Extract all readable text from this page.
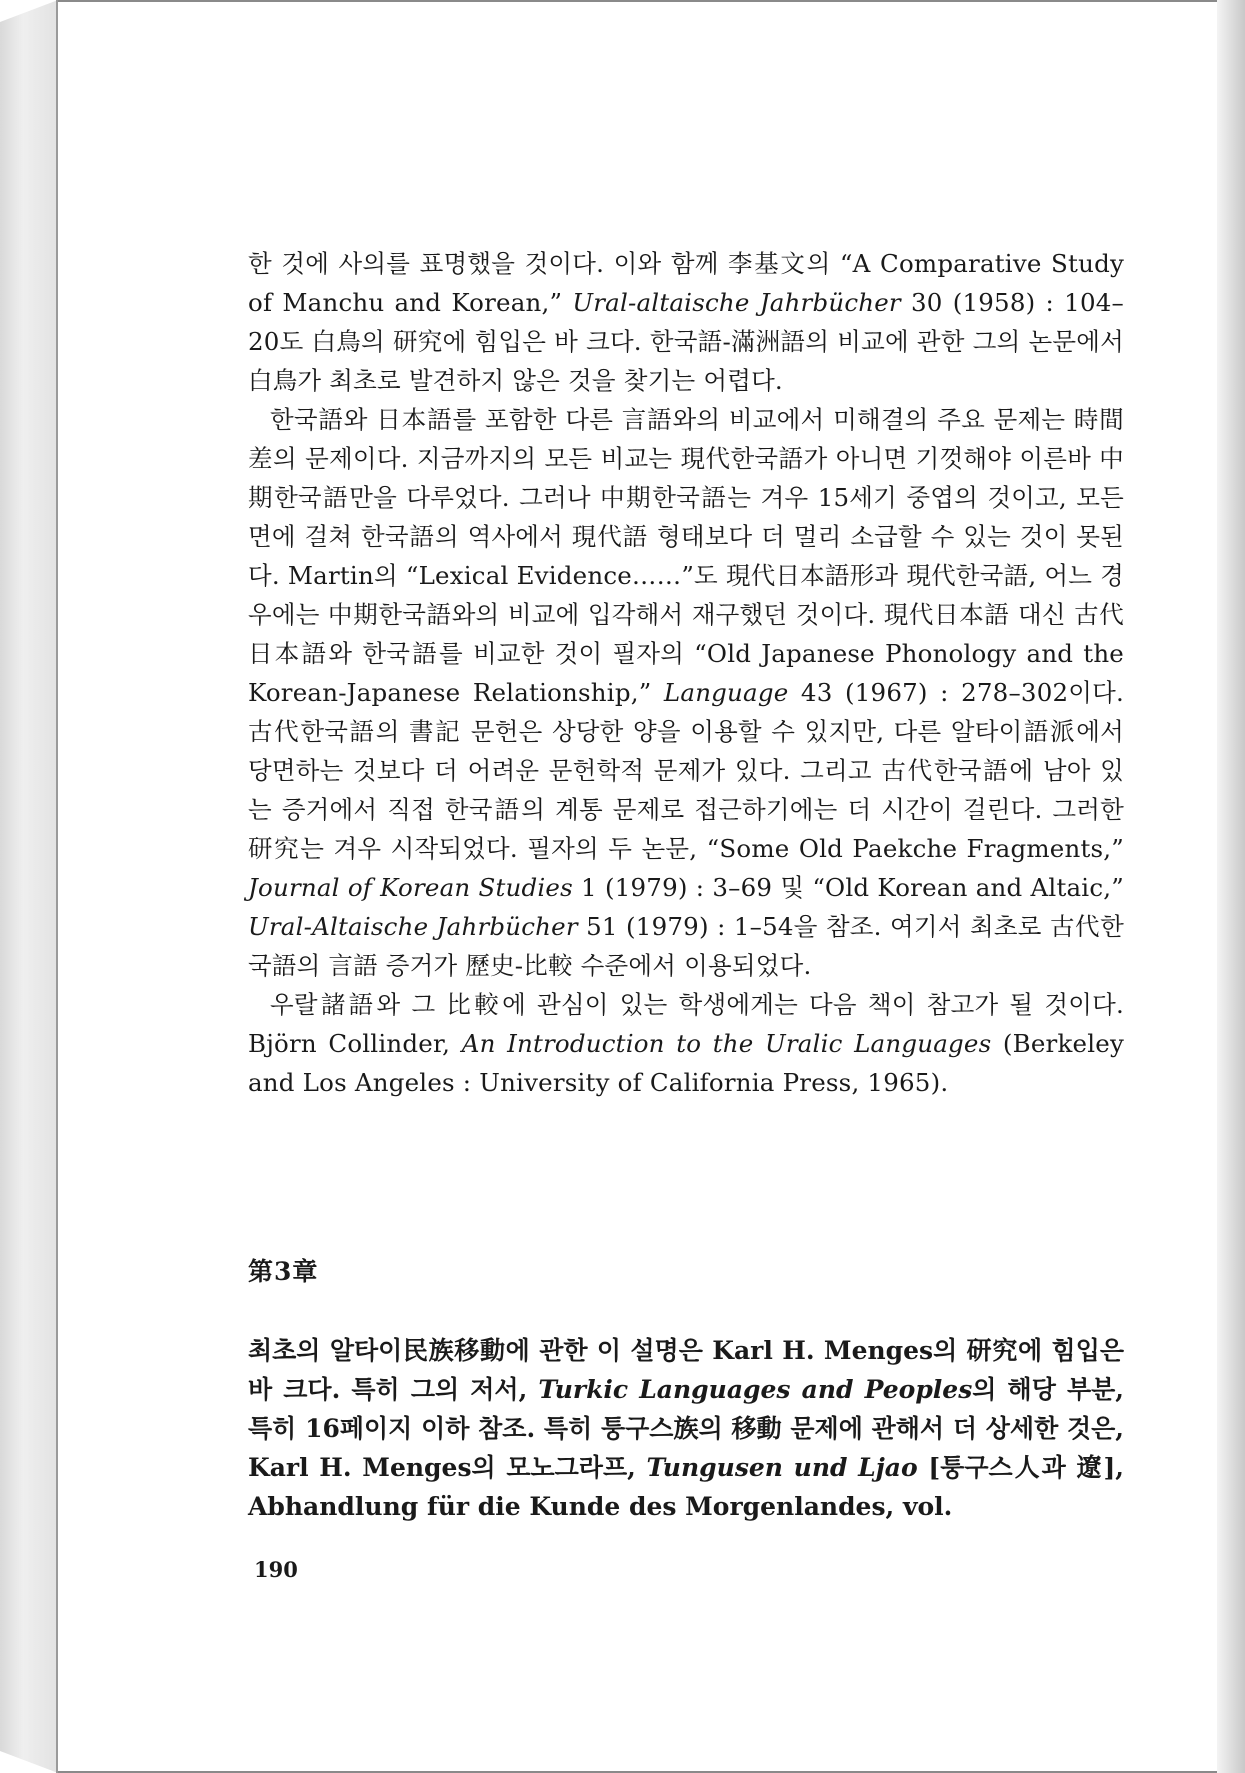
한 것에 사의를 표명했을 것이다. 이와 함께 李基文의 “A Comparative Study of Manchu and Korean,” Ural-altaische Jahrbücher 30 (1958) : 104–20도 白鳥의 研究에 힘입은 바 크다. 한국語-滿洲語의 비교에 관한 그의 논문에서 白鳥가 최초로 발견하지 않은 것을 찾기는 어렵다.

한국語와 日本語를 포함한 다른 言語와의 비교에서 미해결의 주요 문제는 時間差의 문제이다. 지금까지의 모든 비교는 現代한국語가 아니면 기껏해야 이른바 中期한국語만을 다루었다. 그러나 中期한국語는 겨우 15세기 중엽의 것이고, 모든 면에 걸쳐 한국語의 역사에서 現代語 형태보다 더 멀리 소급할 수 있는 것이 못된다. Martin의 “Lexical Evidence……”도 現代日本語形과 現代한국語, 어느 경우에는 中期한국語와의 비교에 입각해서 재구했던 것이다. 現代日本語 대신 古代日本語와 한국語를 비교한 것이 필자의 “Old Japanese Phonology and the Korean-Japanese Relationship,” Language 43 (1967) : 278–302이다. 古代한국語의 書記 문헌은 상당한 양을 이용할 수 있지만, 다른 알타이語派에서 당면하는 것보다 더 어려운 문헌학적 문제가 있다. 그리고 古代한국語에 남아 있는 증거에서 직접 한국語의 계통 문제로 접근하기에는 더 시간이 걸린다. 그러한 研究는 겨우 시작되었다. 필자의 두 논문, “Some Old Paekche Fragments,” Journal of Korean Studies 1 (1979) : 3–69 및 “Old Korean and Altaic,” Ural-Altaische Jahrbücher 51 (1979) : 1–54을 참조. 여기서 최초로 古代한국語의 言語 증거가 歷史-比較 수준에서 이용되었다.

우랄諸語와 그 比較에 관심이 있는 학생에게는 다음 책이 참고가 될 것이다. Björn Collinder, An Introduction to the Uralic Languages (Berkeley and Los Angeles : University of California Press, 1965).

第3章

최초의 알타이民族移動에 관한 이 설명은 Karl H. Menges의 研究에 힘입은 바 크다. 특히 그의 저서, Turkic Languages and Peoples의 해당 부분, 특히 16페이지 이하 참조. 특히 퉁구스族의 移動 문제에 관해서 더 상세한 것은, Karl H. Menges의 모노그라프, Tungusen und Ljao [퉁구스人과 遼], Abhandlung für die Kunde des Morgenlandes, vol.

190
